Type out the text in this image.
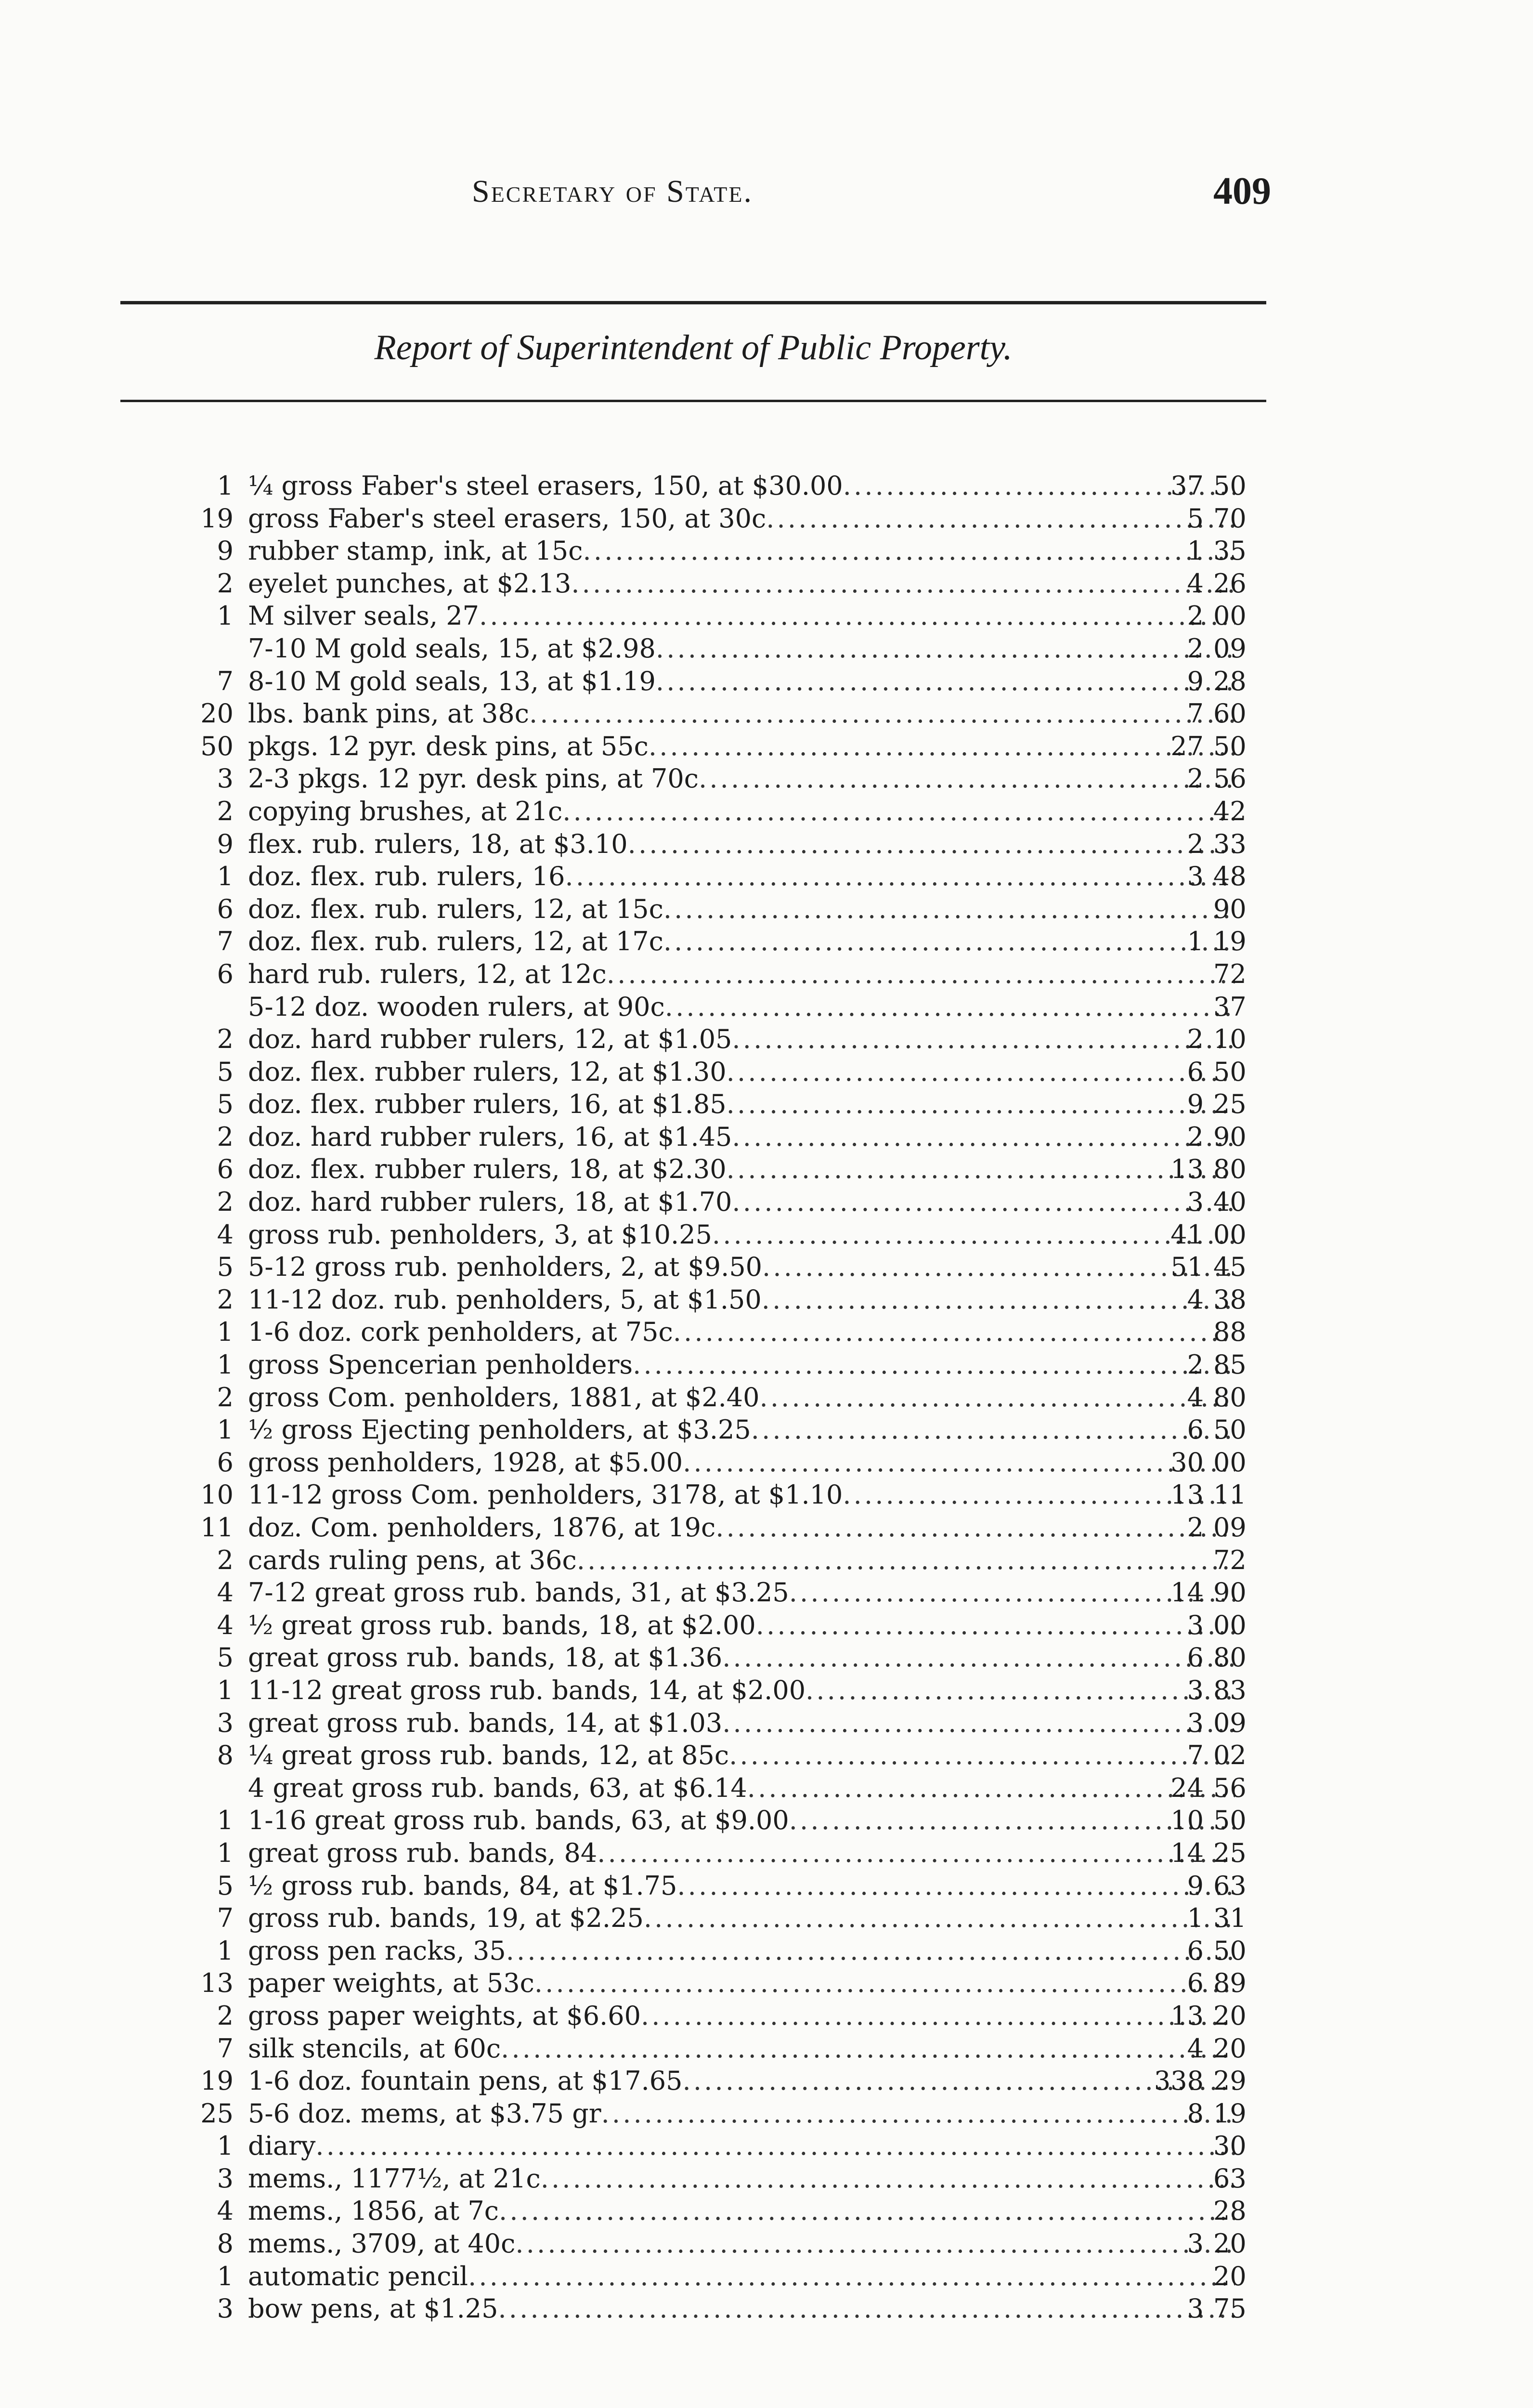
Secretary of State.	409
Report of Superintendent of Public Property.
1 ¼ gross Faber's steel erasers, 150, at $30.00 . . .	37 50
19 gross Faber's steel erasers, 150, at 30c . . .	5 70
9 rubber stamp, ink, at 15c . . .	1 35
2 eyelet punches, at $2.13 . . .	4 26
1 M silver seals, 27 . . .	2 00
7-10 M gold seals, 15, at $2.98 . . .	2 09
7 8-10 M gold seals, 13, at $1.19 . . .	9 28
20 lbs. bank pins, at 38c . . .	7 60
50 pkgs. 12 pyr. desk pins, at 55c . . .	27 50
3 2-3 pkgs. 12 pyr. desk pins, at 70c . . .	2 56
2 copying brushes, at 21c . . .	42
9 flex. rub. rulers, 18, at $3.10 . . .	2 33
1 doz. flex. rub. rulers, 16 . . .	3 48
6 doz. flex. rub. rulers, 12, at 15c . . .	90
7 doz. flex. rub. rulers, 12, at 17c . . .	1 19
6 hard rub. rulers, 12, at 12c . . .	72
5-12 doz. wooden rulers, at 90c . . .	37
2 doz. hard rubber rulers, 12, at $1.05 . . .	2 10
5 doz. flex. rubber rulers, 12, at $1.30 . . .	6 50
5 doz. flex. rubber rulers, 16, at $1.85 . . .	9 25
2 doz. hard rubber rulers, 16, at $1.45 . . .	2 90
6 doz. flex. rubber rulers, 18, at $2.30 . . .	13 80
2 doz. hard rubber rulers, 18, at $1.70 . . .	3 40
4 gross rub. penholders, 3, at $10.25 . . .	41 00
5 5-12 gross rub. penholders, 2, at $9.50 . . .	51 45
2 11-12 doz. rub. penholders, 5, at $1.50 . . .	4 38
1 1-6 doz. cork penholders, at 75c . . .	88
1 gross Spencerian penholders . . .	2 85
2 gross Com. penholders, 1881, at $2.40 . . .	4 80
1 ½ gross Ejecting penholders, at $3.25 . . .	6 50
6 gross penholders, 1928, at $5.00 . . .	30 00
10 11-12 gross Com. penholders, 3178, at $1.10 . . .	13 11
11 doz. Com. penholders, 1876, at 19c . . .	2 09
2 cards ruling pens, at 36c . . .	72
4 7-12 great gross rub. bands, 31, at $3.25 . . .	14 90
4 ½ great gross rub. bands, 18, at $2.00 . . .	3 00
5 great gross rub. bands, 18, at $1.36 . . .	6 80
1 11-12 great gross rub. bands, 14, at $2.00 . . .	3 83
3 great gross rub. bands, 14, at $1.03 . . .	3 09
8 ¼ great gross rub. bands, 12, at 85c . . .	7 02
4 great gross rub. bands, 63, at $6.14 . . .	24 56
1 1-16 great gross rub. bands, 63, at $9.00 . . .	10 50
1 great gross rub. bands, 84 . . .	14 25
5 ½ gross rub. bands, 84, at $1.75 . . .	9 63
7 gross rub. bands, 19, at $2.25 . . .	1 31
1 gross pen racks, 35 . . .	6 50
13 paper weights, at 53c . . .	6 89
2 gross paper weights, at $6.60 . . .	13 20
7 silk stencils, at 60c . . .	4 20
19 1-6 doz. fountain pens, at $17.65 . . .	338 29
25 5-6 doz. mems, at $3.75 gr . . .	8 19
1 diary . . .	30
3 mems., 1177½, at 21c . . .	63
4 mems., 1856, at 7c . . .	28
8 mems., 3709, at 40c . . .	3 20
1 automatic pencil . . .	20
3 bow pens, at $1.25 . . .	3 75
